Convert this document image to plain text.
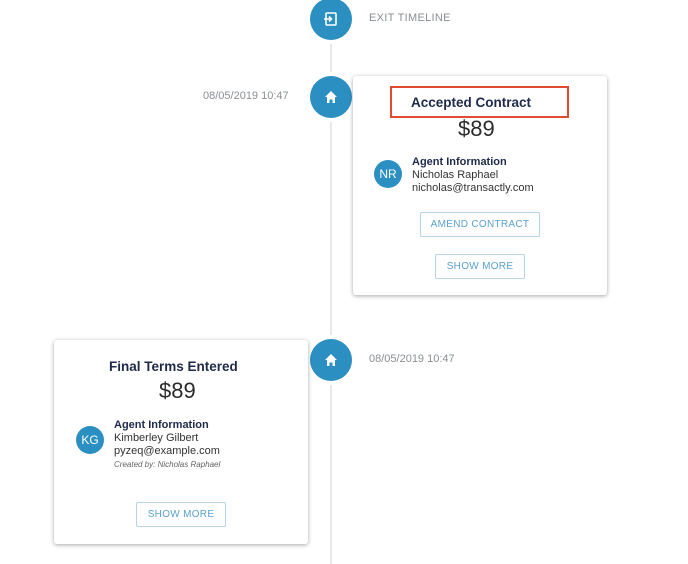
EXIT TIMELINE
08/05/2019 10:47	Accepted Contract
$89
NR
Agent Information
Nicholas Raphael
nicholas@transactly.com
AMEND CONTRACT
SHOW MORE
08/05/2019 10:47
Final Terms Entered
$89
KG
Agent Information
Kimberley Gilbert
pyzeq@example.com
Created by: Nicholas Raphael
SHOW MORE
